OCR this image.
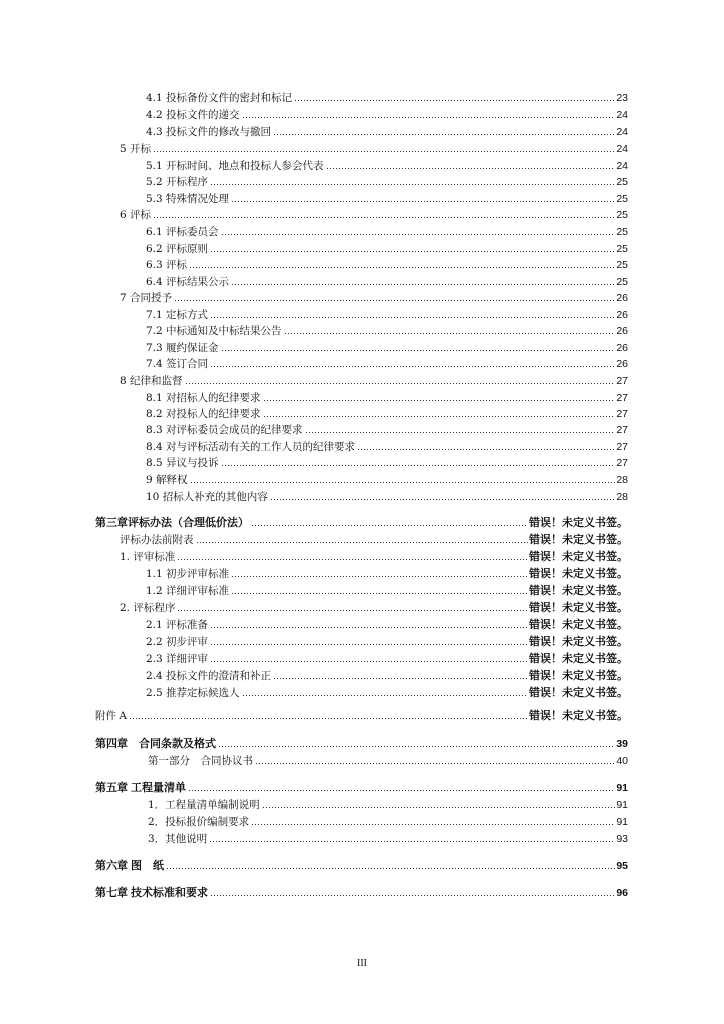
4.1 投标备份文件的密封和标记	23
4.2 投标文件的递交	24
4.3 投标文件的修改与撤回	24
5 开标	24
5.1 开标时间、地点和投标人参会代表	24
5.2 开标程序	25
5.3 特殊情况处理	25
6 评标	25
6.1 评标委员会	25
6.2 评标原则	25
6.3 评标	25
6.4 评标结果公示	25
7 合同授予	26
7.1 定标方式	26
7.2 中标通知及中标结果公告	26
7.3 履约保证金	26
7.4 签订合同	26
8 纪律和监督	27
8.1 对招标人的纪律要求	27
8.2 对投标人的纪律要求	27
8.3 对评标委员会成员的纪律要求	27
8.4 对与评标活动有关的工作人员的纪律要求	27
8.5 异议与投诉	27
9 解释权	28
10 招标人补充的其他内容	28
第三章评标办法（合理低价法）	错误！未定义书签。
评标办法前附表	错误！未定义书签。
1. 评审标准	错误！未定义书签。
1.1 初步评审标准	错误！未定义书签。
1.2 详细评审标准	错误！未定义书签。
2. 评标程序	错误！未定义书签。
2.1 评标准备	错误！未定义书签。
2.2 初步评审	错误！未定义书签。
2.3 详细评审	错误！未定义书签。
2.4 投标文件的澄清和补正	错误！未定义书签。
2.5 推荐定标候选人	错误！未定义书签。
附件 A	错误！未定义书签。
第四章　合同条款及格式	39
第一部分　合同协议书	40
第五章 工程量清单	91
1．工程量清单编制说明	91
2．投标报价编制要求	91
3．其他说明	93
第六章 图　纸	95
第七章 技术标准和要求	96
III
